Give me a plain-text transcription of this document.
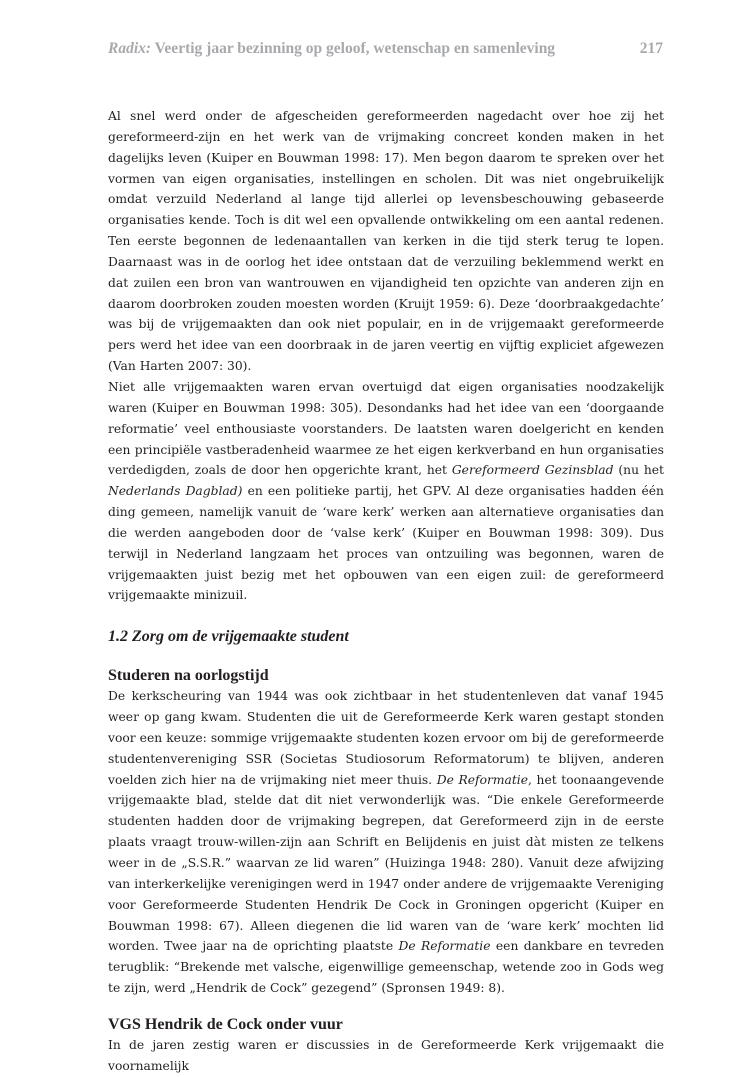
Radix: Veertig jaar bezinning op geloof, wetenschap en samenleving	217

Al snel werd onder de afgescheiden gereformeerden nagedacht over hoe zij het gereformeerd-zijn en het werk van de vrijmaking concreet konden maken in het dagelijks leven (Kuiper en Bouwman 1998: 17). Men begon daarom te spreken over het vormen van eigen organisaties, instellingen en scholen. Dit was niet ongebruikelijk omdat verzuild Nederland al lange tijd allerlei op levensbeschouwing gebaseerde organisaties kende. Toch is dit wel een opvallende ontwikkeling om een aantal redenen. Ten eerste begonnen de ledenaantallen van kerken in die tijd sterk terug te lopen. Daarnaast was in de oorlog het idee ontstaan dat de verzuiling beklemmend werkt en dat zuilen een bron van wantrouwen en vijandigheid ten opzichte van anderen zijn en daarom doorbroken zouden moesten worden (Kruijt 1959: 6). Deze ‘doorbraakgedachte’ was bij de vrijgemaakten dan ook niet populair, en in de vrijgemaakt gereformeerde pers werd het idee van een doorbraak in de jaren veertig en vijftig expliciet afgewezen (Van Harten 2007: 30).

Niet alle vrijgemaakten waren ervan overtuigd dat eigen organisaties noodzakelijk waren (Kuiper en Bouwman 1998: 305). Desondanks had het idee van een ‘doorgaande reformatie’ veel enthousiaste voorstanders. De laatsten waren doelgericht en kenden een principiële vastberadenheid waarmee ze het eigen kerkverband en hun organisaties verdedigden, zoals de door hen opgerichte krant, het Gereformeerd Gezinsblad (nu het Nederlands Dagblad) en een politieke partij, het GPV. Al deze organisaties hadden één ding gemeen, namelijk vanuit de ‘ware kerk’ werken aan alternatieve organisaties dan die werden aangeboden door de ‘valse kerk’ (Kuiper en Bouwman 1998: 309). Dus terwijl in Nederland langzaam het proces van ontzuiling was begonnen, waren de vrijgemaakten juist bezig met het opbouwen van een eigen zuil: de gereformeerd vrijgemaakte minizuil.

1.2 Zorg om de vrijgemaakte student
Studeren na oorlogstijd

De kerkscheuring van 1944 was ook zichtbaar in het studentenleven dat vanaf 1945 weer op gang kwam. Studenten die uit de Gereformeerde Kerk waren gestapt stonden voor een keuze: sommige vrijgemaakte studenten kozen ervoor om bij de gereformeerde studentenvereniging SSR (Societas Studiosorum Reformatorum) te blijven, anderen voelden zich hier na de vrijmaking niet meer thuis. De Reformatie, het toonaangevende vrijgemaakte blad, stelde dat dit niet verwonderlijk was. “Die enkele Gereformeerde studenten hadden door de vrijmaking begrepen, dat Gereformeerd zijn in de eerste plaats vraagt trouw-willen-zijn aan Schrift en Belijdenis en juist dàt misten ze telkens weer in de „S.S.R.” waarvan ze lid waren” (Huizinga 1948: 280). Vanuit deze afwijzing van interkerkelijke verenigingen werd in 1947 onder andere de vrijgemaakte Vereniging voor Gereformeerde Studenten Hendrik De Cock in Groningen opgericht (Kuiper en Bouwman 1998: 67). Alleen diegenen die lid waren van de ‘ware kerk’ mochten lid worden. Twee jaar na de oprichting plaatste De Reformatie een dankbare en tevreden terugblik: “Brekende met valsche, eigenwillige gemeenschap, wetende zoo in Gods weg te zijn, werd „Hendrik de Cock” gezegend” (Spronsen 1949: 8).

VGS Hendrik de Cock onder vuur

In de jaren zestig waren er discussies in de Gereformeerde Kerk vrijgemaakt die voornamelijk
